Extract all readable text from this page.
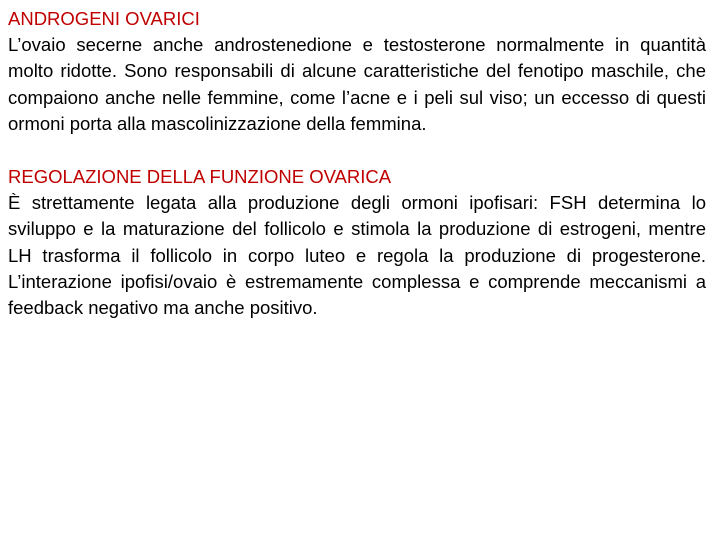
ANDROGENI OVARICI

L’ovaio secerne anche androstenedione e testosterone normalmente in quantità molto ridotte. Sono responsabili di alcune caratteristiche del fenotipo maschile, che compaiono anche nelle femmine, come l’acne e i peli sul viso; un eccesso di questi ormoni porta alla mascolinizzazione della femmina.

REGOLAZIONE DELLA FUNZIONE OVARICA

È strettamente legata alla produzione degli ormoni ipofisari: FSH determina lo sviluppo e la maturazione del follicolo e stimola la produzione di estrogeni, mentre LH trasforma il follicolo in corpo luteo e regola la produzione di progesterone. L’interazione ipofisi/ovaio è estremamente complessa e comprende meccanismi a feedback negativo ma anche positivo.
